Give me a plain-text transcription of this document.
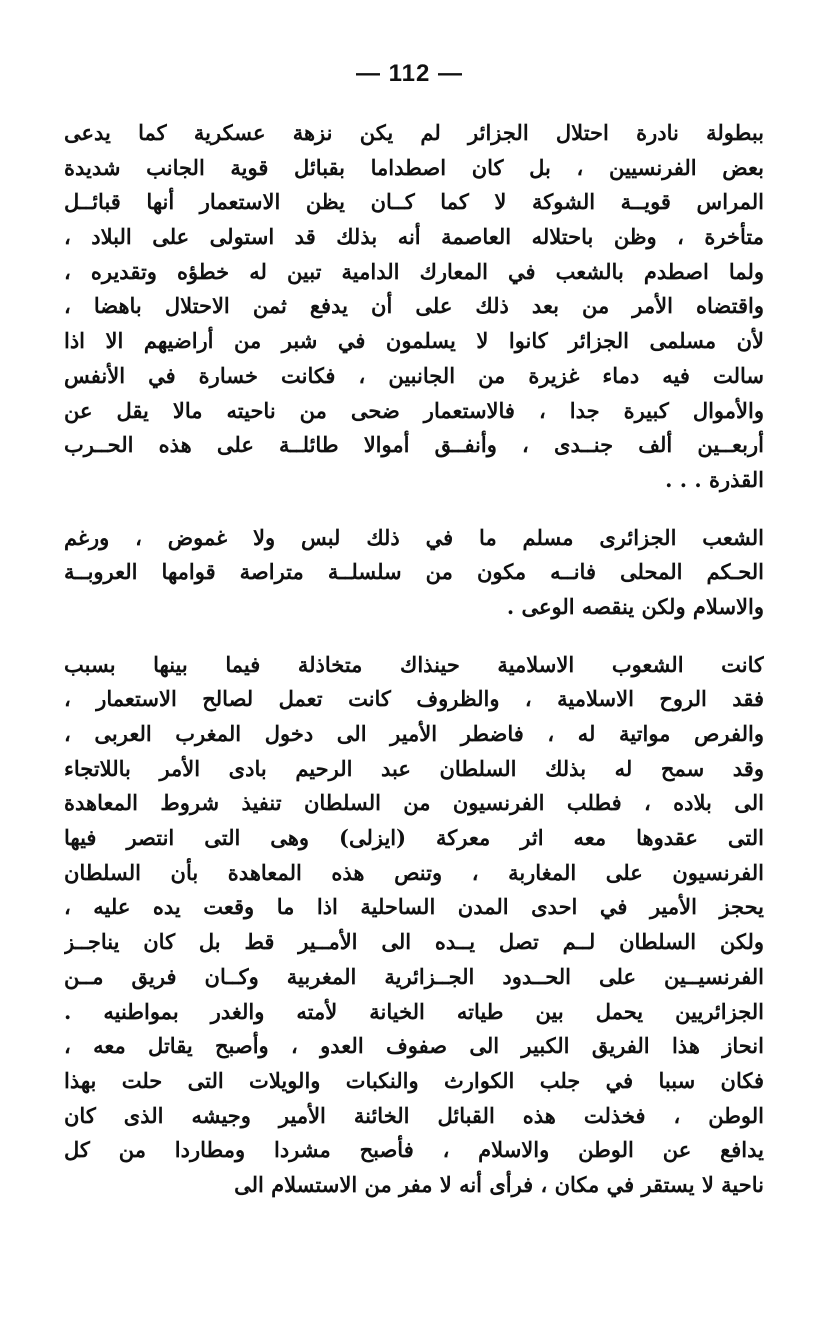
— 112 —
ببطولة نادرة احتلال الجزائر لم يكن نزهة عسكرية كما يدعى
بعض الفرنسيين ، بل كان اصطداما بقبائل قوية الجانب شديدة
المراس قويــة الشوكة لا كما كــان يظن الاستعمار أنها قبائــل
متأخرة ، وظن باحتلاله العاصمة أنه بذلك قد استولى على البلاد ،
ولما اصطدم بالشعب في المعارك الدامية تبين له خطؤه وتقديره ،
واقتضاه الأمر من بعد ذلك على أن يدفع ثمن الاحتلال باهضا ،
لأن مسلمى الجزائر كانوا لا يسلمون في شبر من أراضيهم الا اذا
سالت فيه دماء غزيرة من الجانبين ، فكانت خسارة في الأنفس
والأموال كبيرة جدا ، فالاستعمار ضحى من ناحيته مالا يقل عن
أربعــين ألف جنــدى ، وأنفــق أموالا طائلــة على هذه الحــرب
القذرة . . .
الشعب الجزائرى مسلم ما في ذلك لبس ولا غموض ، ورغم
الحـكم المحلى فانــه مكون من سلسلــة متراصة قوامها العروبــة
والاسلام ولكن ينقصه الوعى .
كانت الشعوب الاسلامية حينذاك متخاذلة فيما بينها بسبب
فقد الروح الاسلامية ، والظروف كانت تعمل لصالح الاستعمار ،
والفرص مواتية له ، فاضطر الأمير الى دخول المغرب العربى ،
وقد سمح له بذلك السلطان عبد الرحيم بادى الأمر باللاتجاء
الى بلاده ، فطلب الفرنسيون من السلطان تنفيذ شروط المعاهدة
التى عقدوها معه اثر معركة (ايزلى) وهى التى انتصر فيها
الفرنسيون على المغاربة ، وتنص هذه المعاهدة بأن السلطان
يحجز الأمير في احدى المدن الساحلية اذا ما وقعت يده عليه ،
ولكن السلطان لــم تصل يــده الى الأمــير قط بل كان يناجــز
الفرنسيــين على الحــدود الجــزائرية المغربية وكــان فريق مــن
الجزائريين يحمل بين طياته الخيانة لأمته والغدر بمواطنيه .
انحاز هذا الفريق الكبير الى صفوف العدو ، وأصبح يقاتل معه ،
فكان سببا في جلب الكوارث والنكبات والويلات التى حلت بهذا
الوطن ، فخذلت هذه القبائل الخائنة الأمير وجيشه الذى كان
يدافع عن الوطن والاسلام ، فأصبح مشردا ومطاردا من كل
ناحية لا يستقر في مكان ، فرأى أنه لا مفر من الاستسلام الى
